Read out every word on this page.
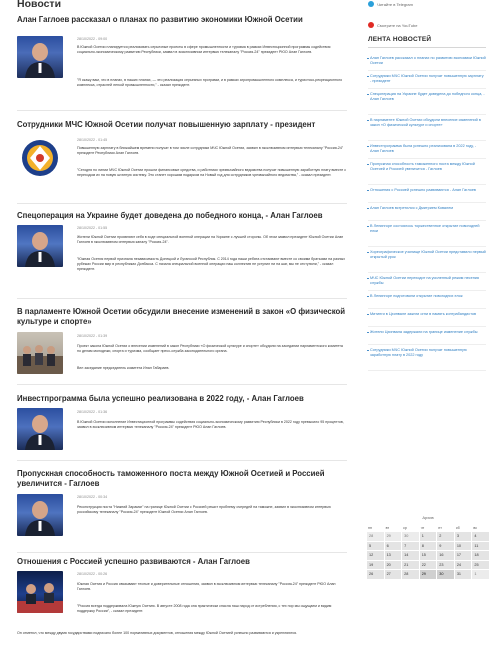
Новости
Алан Гаглоев рассказал о планах по развитию экономики Южной Осетии
28/10/2022 - 09:00
В Южной Осетии планируется реализовать серьезные проекты в сфере промышленности и туризма в рамках Инвестиционной программы содействия социально-экономическому развитию Республики, заявил в эксклюзивном интервью телеканалу "Россия-24" президент РЮО Алан Гаглоев.
"Я скажу вам, что в планах, в наших планах, — это реализация серьезных программ, и в рамках агропромышленного комплекса, и туристско-рекреационного комплекса, отраслей легкой промышленности," - сказал президент.
Сотрудники МЧС Южной Осетии получат повышенную зарплату - президент
28/10/2022 - 01:45
Повышенную зарплату в ближайшем времени получат в том числе сотрудники МЧС Южной Осетии, заявил в эксклюзивном интервью телеканалу "Россия-24" президент Республики Алан Гаглоев.
"Сегодня по линии МЧС Южной Осетии прошли финансовые средства, и работники чрезвычайного ведомства получат повышенную заработную плату вместе с переходом их на новую штатную систему. Это станет хорошим подарком на Новый год для сотрудников чрезвычайного ведомства," - сказал президент.
Спецоперация на Украине будет доведена до победного конца, - Алан Гаглоев
28/10/2022 - 01:55
Жители Южной Осетии проявляют себя в ходе специальной военной операции на Украине с лучшей стороны. Об этом заявил президент Южной Осетии Алан Гаглоев в эксклюзивном интервью каналу "Россия-24".
"Южная Осетия первой признала независимость Донецкой и Луганской Республик. С 2014 года наши ребята отстаивают вместе со своими братьями на разных рубежах России мир в республиках Донбасса. С начала специальной военной операции наш коллектив не уступил ни на шаг, мы не отступили," - сказал президент.
В парламенте Южной Осетии обсудили внесение изменений в закон «О физической культуре и спорте»
28/10/2022 - 01:39
Проект закона Южной Осетии о внесении изменений в закон Республики «О физической культуре и спорте» обсудили на заседании парламентского комитета по делам молодежи, спорта и туризма, сообщает пресс-служба законодательного органа.
Вел заседание председатель комитета Инал Габараев.
Инвестпрограмма была успешно реализована в 2022 году, - Алан Гаглоев
28/10/2022 - 01:36
В Южной Осетии исполнение Инвестиционной программы содействия социально-экономическому развитию Республики в 2022 году превысило 95 процентов, заявил в эксклюзивном интервью телеканалу "Россия-24" президент РЮО Алан Гаглоев.
Пропускная способность таможенного поста между Южной Осетией и Россией увеличится - Гаглоев
28/10/2022 - 00:34
Реконструкция поста "Нижний Зарамаг" на границе Южной Осетии с Россией решит проблему очередей на таможне, заявил в эксклюзивном интервью российскому телеканалу "Россия-24" президент Южной Осетии Алан Гаглоев.
Отношения с Россией успешно развиваются - Алан Гаглоев
28/10/2022 - 00:26
Южная Осетия и Россия связывают тесные и доверительные отношения, заявил в эксклюзивном интервью телеканалу "Россия-24" президент РЮО Алан Гаглоев.
"Россия всегда поддерживала Южную Осетию. В августе 2008 года она практически спасла наш народ от истребления, с тех пор мы ощущаем и видим поддержку России", - сказал президент.
Он отметил, что между двумя государствами подписано более 100 нормативных документов, отношения между Южной Осетией успешно развиваются и укрепляются.
Читайте в Telegram
Смотрите на YouTube
ЛЕНТА НОВОСТЕЙ
Алан Гаглоев рассказал о планах по развитию экономики Южной Осетии
Сотрудники МЧС Южной Осетии получат повышенную зарплату - президент
Спецоперация на Украине будет доведена до победного конца, - Алан Гаглоев
В парламенте Южной Осетии обсудили внесение изменений в закон «О физической культуре и спорте»
Инвестпрограмма была успешно реализована в 2022 году, - Алан Гаглоев
Пропускная способность таможенного поста между Южной Осетией и Россией увеличится - Гаглоев
Отношения с Россией успешно развиваются - Алан Гаглоев
Алан Гаглоев встретился с Дмитрием Ковалем
В Ленингоре состоялось торжественное открытие новогодней елки
Хореографическое училище Южной Осетии представило первый открытый урок
МЧС Южной Осетии переходит на усиленный режим несения службы
В Ленингоре подготовили открытие новогодних елок
Митинги в Цхинвале зажгли огни в память контрабандистов
Жители Цхинвала задержали на границе изменение службы
Сотрудники МЧС Южной Осетии получат повышенную заработную плату в 2022 году
Архив
пн	вт	ср	чт	пт	сб	вс
28	29	30	1	2	3	4
5	6	7	8	9	10	11
12	13	14	15	16	17	18
19	20	21	22	23	24	25
26	27	28	29	30	31	1
